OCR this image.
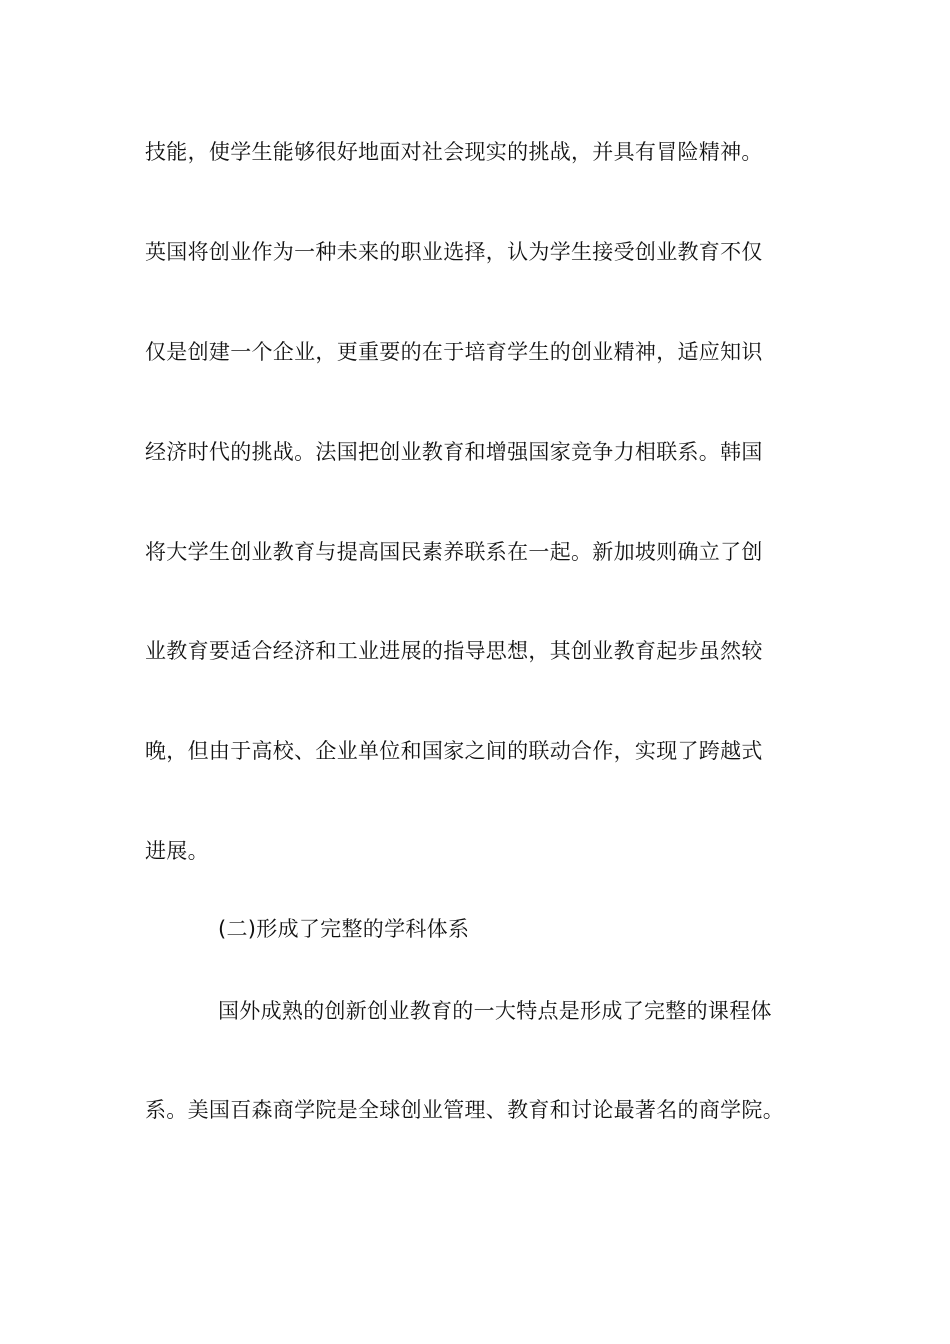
技能，使学生能够很好地面对社会现实的挑战，并具有冒险精神。
英国将创业作为一种未来的职业选择，认为学生接受创业教育不仅
仅是创建一个企业，更重要的在于培育学生的创业精神，适应知识
经济时代的挑战。法国把创业教育和增强国家竞争力相联系。韩国
将大学生创业教育与提高国民素养联系在一起。新加坡则确立了创
业教育要适合经济和工业进展的指导思想，其创业教育起步虽然较
晚，但由于高校、企业单位和国家之间的联动合作，实现了跨越式
进展。
(二)形成了完整的学科体系
国外成熟的创新创业教育的一大特点是形成了完整的课程体
系。美国百森商学院是全球创业管理、教育和讨论最著名的商学院。
